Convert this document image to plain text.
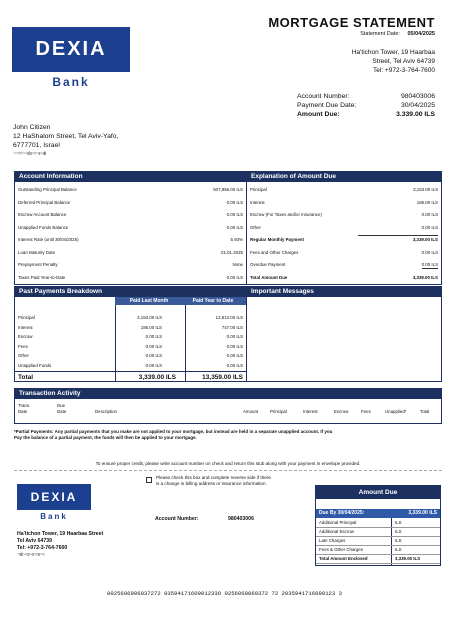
DEXIA
Bank
MORTGAGE STATEMENT
Statement Date: 05/04/2025
Ha'tichon Tower, 19 Haarbaa
Street, Tel Aviv 64739
Tel: +972-3-764-7600
Account Number:	980403006
Payment Due Date:	30/04/2025
Amount Due:	3.339.00 ILS
John Citizen
12 HaShalom Street, Tel Aviv-Yafo,
6777701, Israel
~~≈≈~~ıılıı~≈~ıı~ıılı
Account Information
Outstanding Principal Balance	507,856.00 ILS
Deferred Principal Balance	0.00 ILS
Escrow Account Balance	0.00 ILS
Unapplied Funds Balance	0.00 ILS
Interest Rate (until 30/04/2025)	5.93%
Loan Maturity Date	01.01.2025
Prepayment Penalty	None
Taxes Paid Year-to-Date	0.00 ILS
Explanation of Amount Due
Principal	3,153.00 ILS
Interest	186.00 ILS
Escrow (For Taxes and/or Insurance)	0.00 ILS
Other	0.00 ILS
Regular Monthly Payment	3,339.00 ILS
Fees and Other Charges	0.00 ILS
Overdue Payment	0.00 ILS
Total Amount Due	3,339.00 ILS
Past Payments Breakdown
Paid Last Month	Paid Year to Date
Principal	3,153.00 ILS	12,612.00 ILS
Interest	186.00 ILS	747.00 ILS
Escrow	0.00 ILS	0.00 ILS
Fees	0.00 ILS	0.00 ILS
Other	0.00 ILS	0.00 ILS
Unapplied Funds	0.00 ILS	0.00 ILS
Total	3,339.00 ILS	13,359.00 ILS
Important Messages
Transaction Activity
Trans.
Date
Due
Date	Description	Amount	Principal	Interest	Escrow	Fees	Unapplied*	Total
*Partial Payments: Any partial payments that you make are not applied to your mortgage, but instead are held in a separate unapplied account. If you
Pay the balance of a partial payment, the funds will then be applied to your mortgage.
To ensure proper credit, please write account number on check and return this stub along with your payment in envelope provided.
Please check this box and complete reverse side if there
is a change in billing address or insurance information.
DEXIA
Bank	Account Number:	980403006
Ha'tichon Tower, 19 Haarbaa Street
Tel Aviv 64739
Tel: +972-3-764-7600
~ıılı~≈ıı~ıı~≈ıı~≈
Amount Due
Due By 30/04/2025:	3,339.00 ILS
Additional Principal	ILS
Additional Escrow	ILS
Late Charges	ILS
Fees & Other Charges	ILS
Total Amount Enclosed	3,339.00 ILS
0025606906037272 0359417160901233O 0256069060372 72 2035941716090123 3
